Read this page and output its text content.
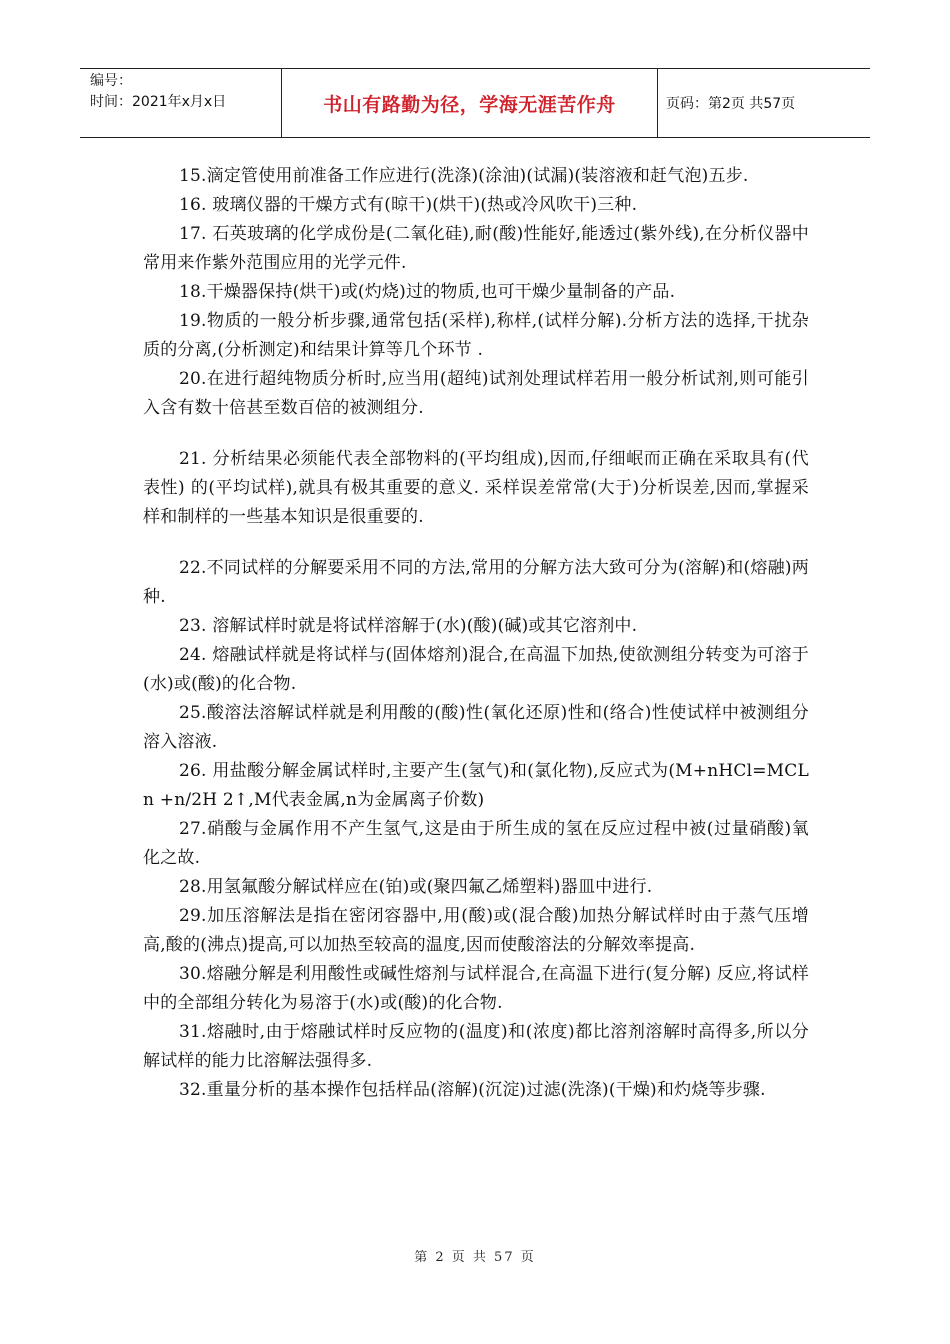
编号：
时间：2021年x月x日	书山有路勤为径，学海无涯苦作舟	页码：第2页 共57页

15.滴定管使用前准备工作应进行(洗涤)(涂油)(试漏)(装溶液和赶气泡)五步.

16. 玻璃仪器的干燥方式有(晾干)(烘干)(热或冷风吹干)三种.

17. 石英玻璃的化学成份是(二氧化硅),耐(酸)性能好,能透过(紫外线),在分析仪器中常用来作紫外范围应用的光学元件.

18.干燥器保持(烘干)或(灼烧)过的物质,也可干燥少量制备的产品.

19.物质的一般分析步骤,通常包括(采样),称样,(试样分解).分析方法的选择,干扰杂质的分离,(分析测定)和结果计算等几个环节 .

20.在进行超纯物质分析时,应当用(超纯)试剂处理试样若用一般分析试剂,则可能引入含有数十倍甚至数百倍的被测组分.

21. 分析结果必须能代表全部物料的(平均组成),因而,仔细岷而正确在采取具有(代表性) 的(平均试样),就具有极其重要的意义. 采样误差常常(大于)分析误差,因而,掌握采样和制样的一些基本知识是很重要的.

22.不同试样的分解要采用不同的方法,常用的分解方法大致可分为(溶解)和(熔融)两种.

23. 溶解试样时就是将试样溶解于(水)(酸)(碱)或其它溶剂中.

24. 熔融试样就是将试样与(固体熔剂)混合,在高温下加热,使欲测组分转变为可溶于(水)或(酸)的化合物.

25.酸溶法溶解试样就是利用酸的(酸)性(氧化还原)性和(络合)性使试样中被测组分溶入溶液.

26. 用盐酸分解金属试样时,主要产生(氢气)和(氯化物),反应式为(M+nHCl=MCL n +n/2H 2↑,M代表金属,n为金属离子价数)

27.硝酸与金属作用不产生氢气,这是由于所生成的氢在反应过程中被(过量硝酸)氧化之故.

28.用氢氟酸分解试样应在(铂)或(聚四氟乙烯塑料)器皿中进行.

29.加压溶解法是指在密闭容器中,用(酸)或(混合酸)加热分解试样时由于蒸气压增高,酸的(沸点)提高,可以加热至较高的温度,因而使酸溶法的分解效率提高.

30.熔融分解是利用酸性或碱性熔剂与试样混合,在高温下进行(复分解) 反应,将试样中的全部组分转化为易溶于(水)或(酸)的化合物.

31.熔融时,由于熔融试样时反应物的(温度)和(浓度)都比溶剂溶解时高得多,所以分解试样的能力比溶解法强得多.

32.重量分析的基本操作包括样品(溶解)(沉淀)过滤(洗涤)(干燥)和灼烧等步骤.

第 2 页 共 57 页
